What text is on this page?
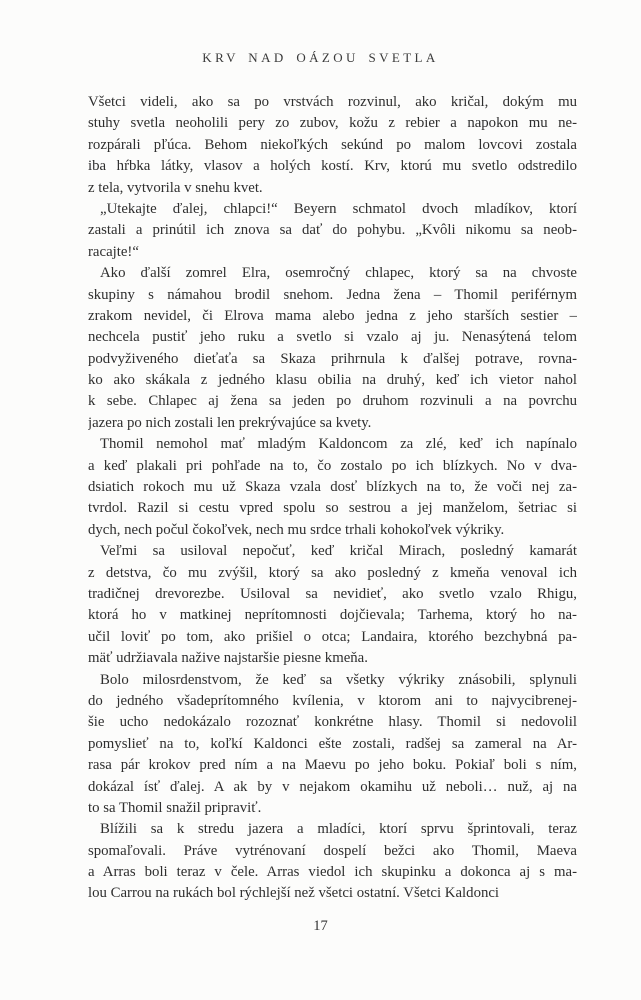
KRV NAD OÁZOU SVETLA
Všetci videli, ako sa po vrstvách rozvinul, ako kričal, dokým mu
stuhy svetla neoholili pery zo zubov, kožu z rebier a napokon mu ne-
rozpárali pľúca. Behom niekoľkých sekúnd po malom lovcovi zostala
iba hŕbka látky, vlasov a holých kostí. Krv, ktorú mu svetlo odstredilo
z tela, vytvorila v snehu kvet.
„Utekajte ďalej, chlapci!“ Beyern schmatol dvoch mladíkov, ktorí
zastali a prinútil ich znova sa dať do pohybu. „Kvôli nikomu sa neob-
racajte!“
Ako ďalší zomrel Elra, osemročný chlapec, ktorý sa na chvoste
skupiny s námahou brodil snehom. Jedna žena – Thomil periférnym
zrakom nevidel, či Elrova mama alebo jedna z jeho starších sestier –
nechcela pustiť jeho ruku a svetlo si vzalo aj ju. Nenasýtená telom
podvyživeného dieťaťa sa Skaza prihrnula k ďalšej potrave, rovna-
ko ako skákala z jedného klasu obilia na druhý, keď ich vietor nahol
k sebe. Chlapec aj žena sa jeden po druhom rozvinuli a na povrchu
jazera po nich zostali len prekrývajúce sa kvety.
Thomil nemohol mať mladým Kaldoncom za zlé, keď ich napínalo
a keď plakali pri pohľade na to, čo zostalo po ich blízkych. No v dva-
dsiatich rokoch mu už Skaza vzala dosť blízkych na to, že voči nej za-
tvrdol. Razil si cestu vpred spolu so sestrou a jej manželom, šetriac si
dych, nech počul čokoľvek, nech mu srdce trhali kohokoľvek výkriky.
Veľmi sa usiloval nepočuť, keď kričal Mirach, posledný kamarát
z detstva, čo mu zvýšil, ktorý sa ako posledný z kmeňa venoval ich
tradičnej drevorezbe. Usiloval sa nevidieť, ako svetlo vzalo Rhigu,
ktorá ho v matkinej neprítomnosti dojčievala; Tarhema, ktorý ho na-
učil loviť po tom, ako prišiel o otca; Landaira, ktorého bezchybná pa-
mäť udržiavala nažive najstaršie piesne kmeňa.
Bolo milosrdenstvom, že keď sa všetky výkriky znásobili, splynuli
do jedného všadeprítomného kvílenia, v ktorom ani to najvycibrenej-
šie ucho nedokázalo rozoznať konkrétne hlasy. Thomil si nedovolil
pomyslieť na to, koľkí Kaldonci ešte zostali, radšej sa zameral na Ar-
rasa pár krokov pred ním a na Maevu po jeho boku. Pokiaľ boli s ním,
dokázal ísť ďalej. A ak by v nejakom okamihu už neboli… nuž, aj na
to sa Thomil snažil pripraviť.
Blížili sa k stredu jazera a mladíci, ktorí sprvu šprintovali, teraz
spomaľovali. Práve vytrénovaní dospelí bežci ako Thomil, Maeva
a Arras boli teraz v čele. Arras viedol ich skupinku a dokonca aj s ma-
lou Carrou na rukách bol rýchlejší než všetci ostatní. Všetci Kaldonci
17
